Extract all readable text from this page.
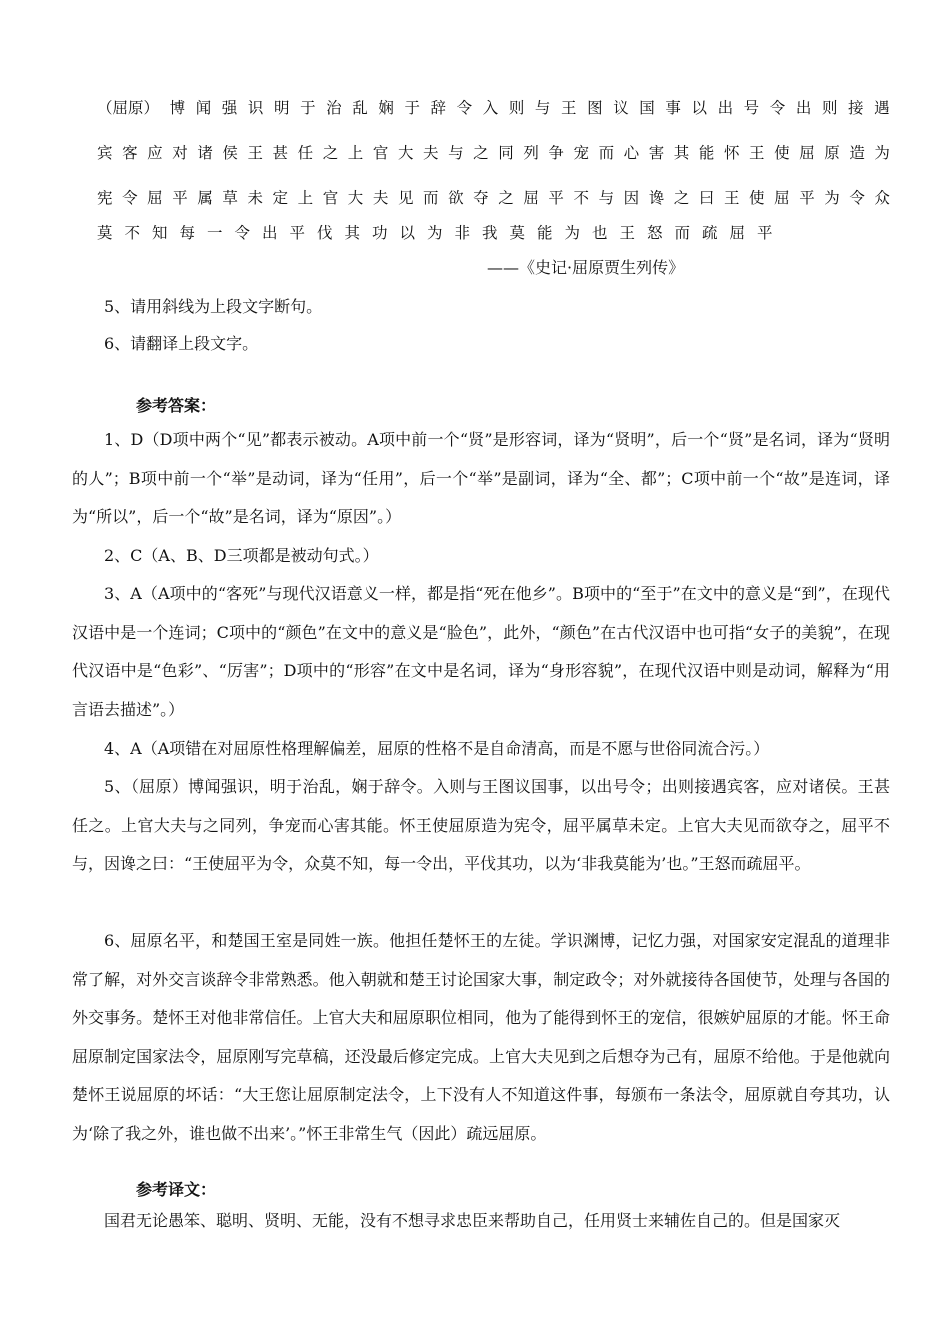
（屈原） 博 闻 强 识 明 于 治 乱 娴 于 辞 令 入 则 与 王 图 议 国 事 以 出 号 令 出 则 接 遇
宾 客 应 对 诸 侯 王 甚 任 之 上 官 大 夫 与 之 同 列 争 宠 而 心 害 其 能 怀 王 使 屈 原 造 为
宪 令 屈 平 属 草 未 定 上 官 大 夫 见 而 欲 夺 之 屈 平 不 与 因 谗 之 曰 王 使 屈 平 为 令 众
莫不知每一令出平伐其功以为非我莫能为也王怒而疏屈平
——《史记·屈原贾生列传》
5、请用斜线为上段文字断句。
6、请翻译上段文字。
参考答案：
1、D（D项中两个“见”都表示被动。A项中前一个“贤”是形容词，译为“贤明”，后一个“贤”是名词，译为“贤明的人”；B项中前一个“举”是动词，译为“任用”，后一个“举”是副词，译为“全、都”；C项中前一个“故”是连词，译为“所以”，后一个“故”是名词，译为“原因”。）
2、C（A、B、D三项都是被动句式。）
3、A（A项中的“客死”与现代汉语意义一样，都是指“死在他乡”。B项中的“至于”在文中的意义是“到”，在现代汉语中是一个连词；C项中的“颜色”在文中的意义是“脸色”，此外，“颜色”在古代汉语中也可指“女子的美貌”，在现代汉语中是“色彩”、“厉害”；D项中的“形容”在文中是名词，译为“身形容貌”，在现代汉语中则是动词，解释为“用言语去描述”。）
4、A（A项错在对屈原性格理解偏差，屈原的性格不是自命清高，而是不愿与世俗同流合污。）
5、（屈原）博闻强识，明于治乱，娴于辞令。入则与王图议国事，以出号令；出则接遇宾客，应对诸侯。王甚任之。上官大夫与之同列，争宠而心害其能。怀王使屈原造为宪令，屈平属草未定。上官大夫见而欲夺之，屈平不与，因谗之曰：“王使屈平为令，众莫不知，每一令出，平伐其功，以为‘非我莫能为’也。”王怒而疏屈平。
6、屈原名平，和楚国王室是同姓一族。他担任楚怀王的左徒。学识渊博，记忆力强，对国家安定混乱的道理非常了解，对外交言谈辞令非常熟悉。他入朝就和楚王讨论国家大事，制定政令；对外就接待各国使节，处理与各国的外交事务。楚怀王对他非常信任。上官大夫和屈原职位相同，他为了能得到怀王的宠信，很嫉妒屈原的才能。怀王命屈原制定国家法令，屈原刚写完草稿，还没最后修定完成。上官大夫见到之后想夺为己有，屈原不给他。于是他就向楚怀王说屈原的坏话：“大王您让屈原制定法令，上下没有人不知道这件事，每颁布一条法令，屈原就自夸其功，认为‘除了我之外，谁也做不出来’。”怀王非常生气（因此）疏远屈原。
参考译文：
国君无论愚笨、聪明、贤明、无能，没有不想寻求忠臣来帮助自己，任用贤士来辅佐自己的。但是国家灭
